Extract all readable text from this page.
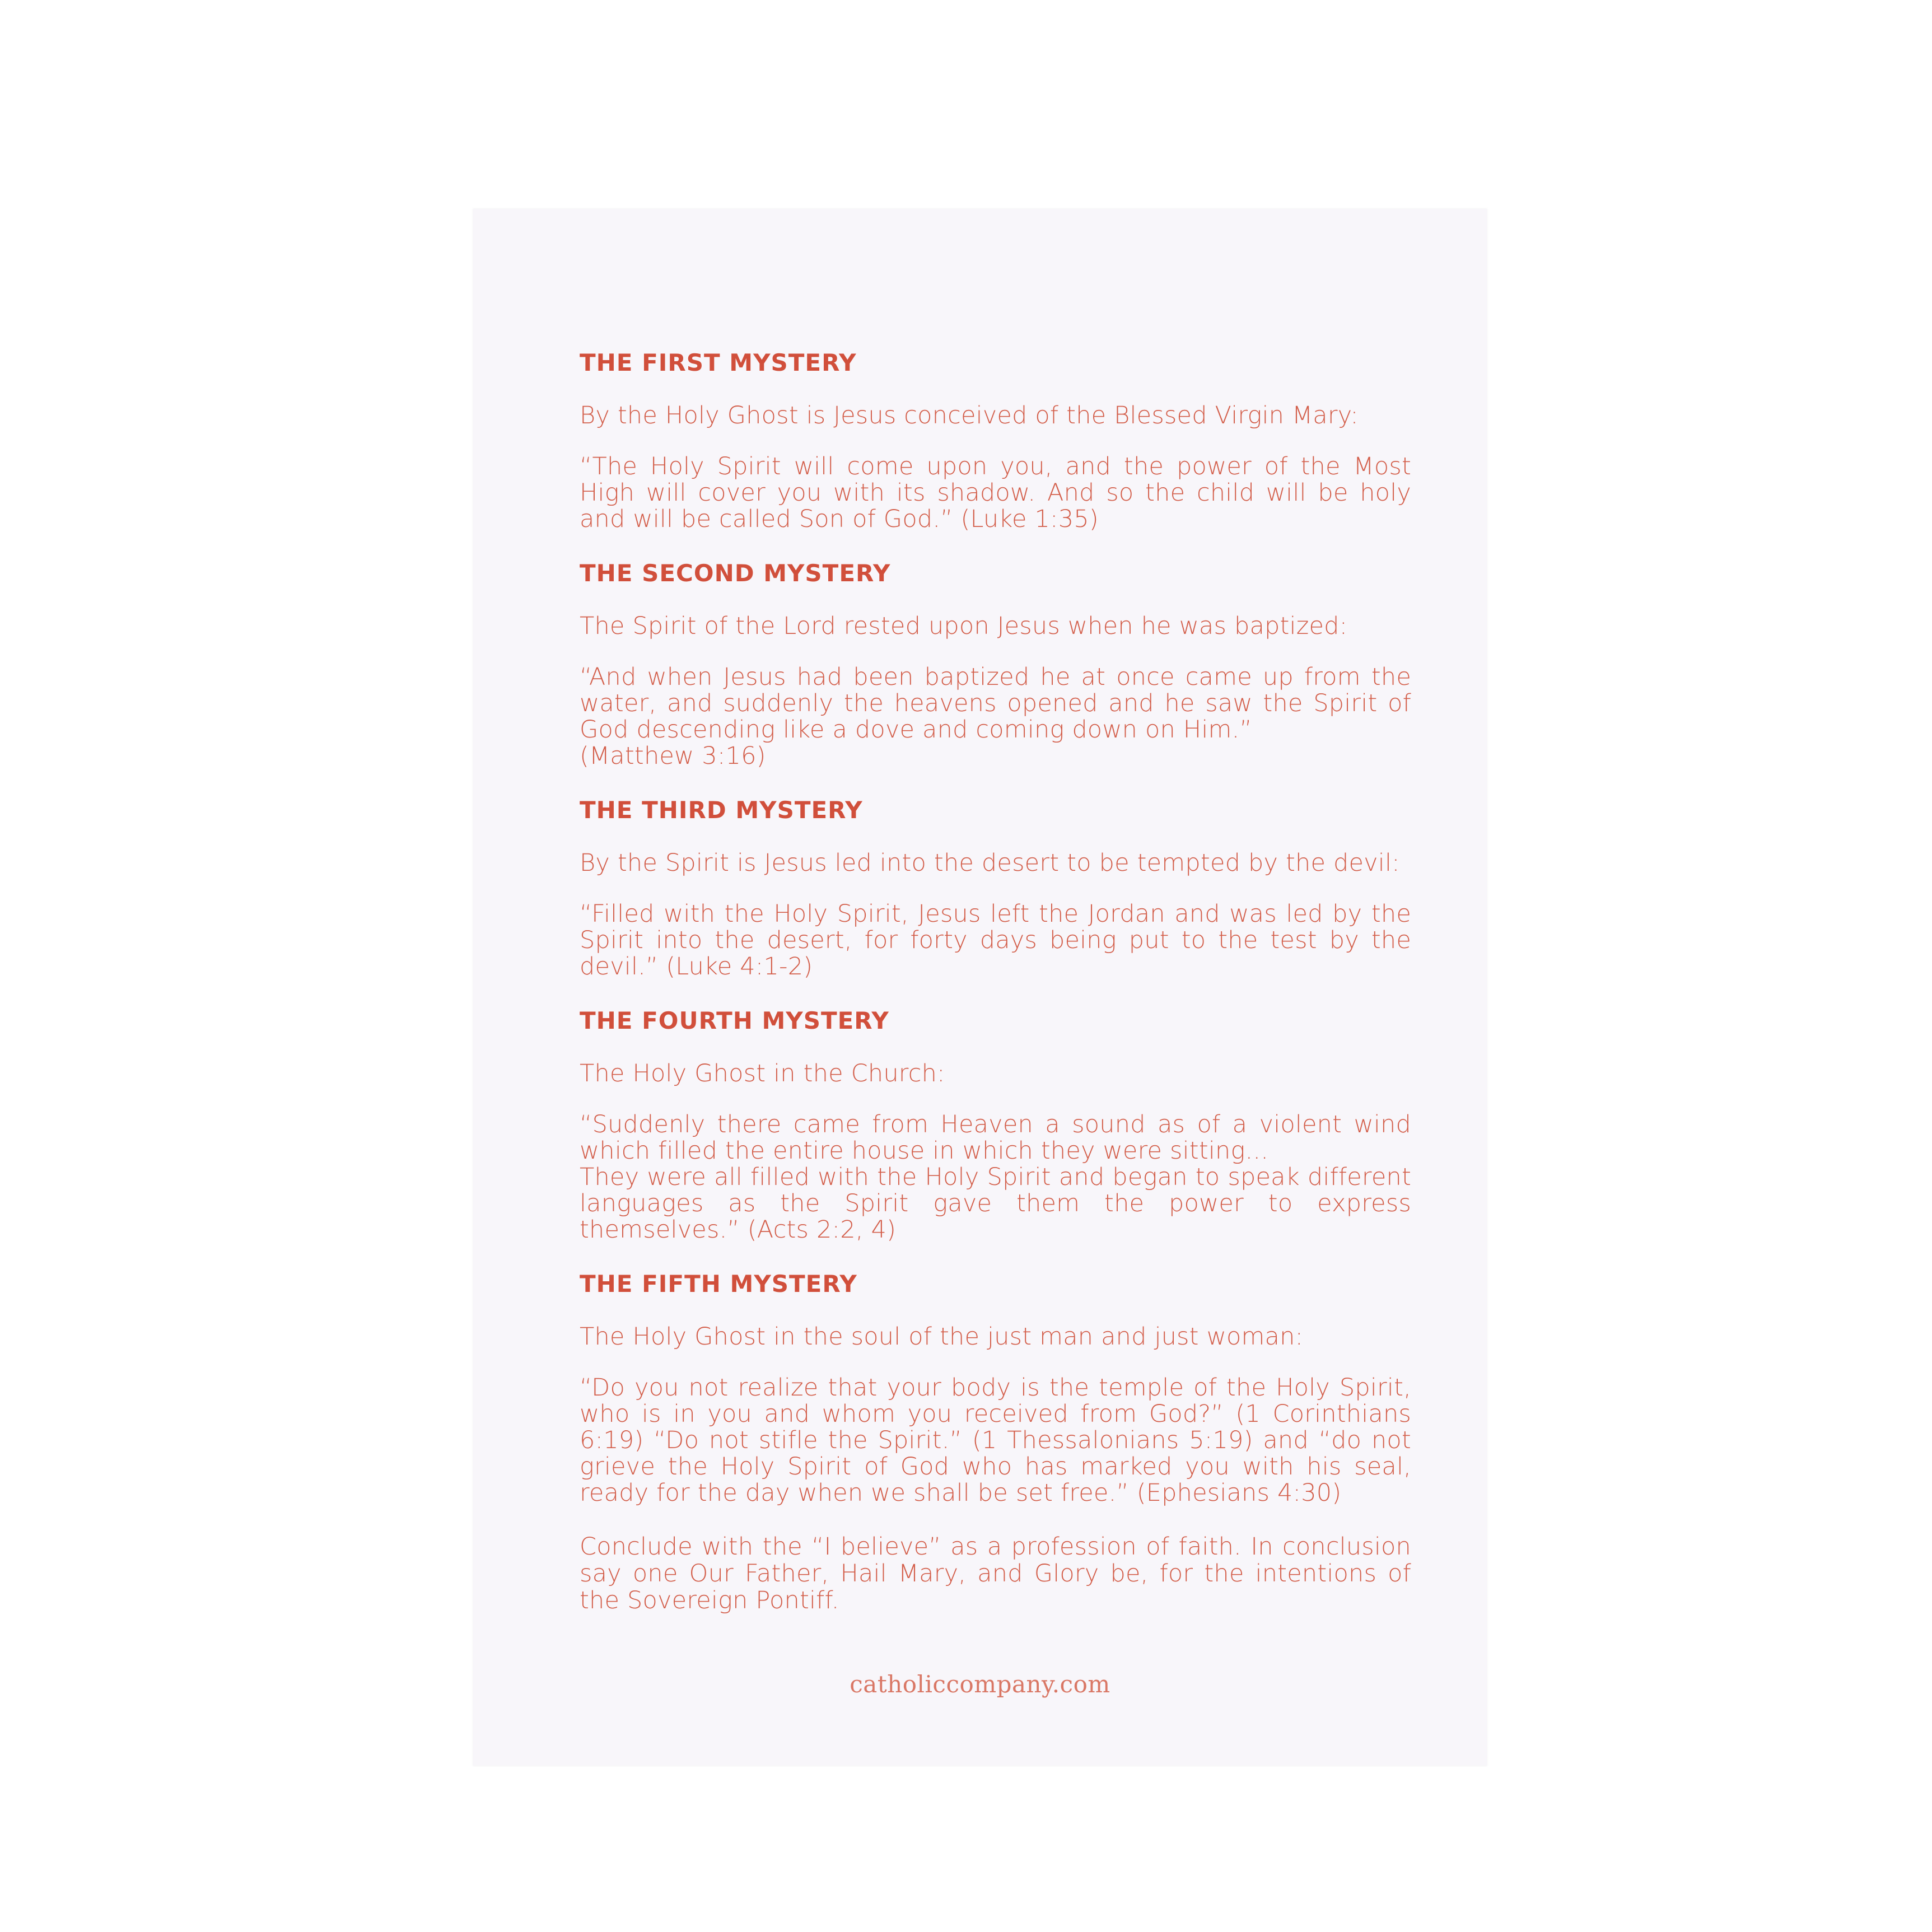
THE FIRST MYSTERY

By the Holy Ghost is Jesus conceived of the Blessed Virgin Mary:

“The Holy Spirit will come upon you, and the power of the Most High will cover you with its shadow. And so the child will be holy and will be called Son of God.” (Luke 1:35)

THE SECOND MYSTERY

The Spirit of the Lord rested upon Jesus when he was baptized:

“And when Jesus had been baptized he at once came up from the water, and suddenly the heavens opened and he saw the Spirit of God descending like a dove and coming down on Him.”
(Matthew 3:16)

THE THIRD MYSTERY

By the Spirit is Jesus led into the desert to be tempted by the devil:

“Filled with the Holy Spirit, Jesus left the Jordan and was led by the Spirit into the desert, for forty days being put to the test by the devil.” (Luke 4:1-2)

THE FOURTH MYSTERY

The Holy Ghost in the Church:

“Suddenly there came from Heaven a sound as of a violent wind which filled the entire house in which they were sitting...
They were all filled with the Holy Spirit and began to speak different languages as the Spirit gave them the power to express themselves.” (Acts 2:2, 4)

THE FIFTH MYSTERY

The Holy Ghost in the soul of the just man and just woman:

“Do you not realize that your body is the temple of the Holy Spirit, who is in you and whom you received from God?” (1 Corinthians 6:19) “Do not stifle the Spirit.” (1 Thessalonians 5:19) and “do not grieve the Holy Spirit of God who has marked you with his seal, ready for the day when we shall be set free.” (Ephesians 4:30)

Conclude with the “I believe” as a profession of faith. In conclusion say one Our Father, Hail Mary, and Glory be, for the intentions of the Sovereign Pontiff.

catholiccompany.com
